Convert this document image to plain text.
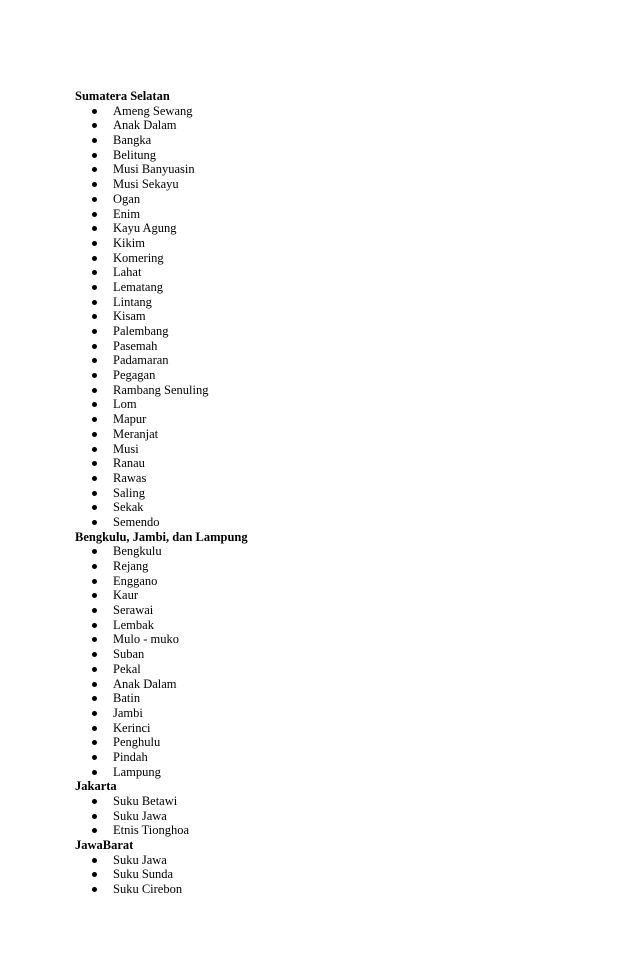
Sumatera Selatan
Ameng Sewang
Anak Dalam
Bangka
Belitung
Musi Banyuasin
Musi Sekayu
Ogan
Enim
Kayu Agung
Kikim
Komering
Lahat
Lematang
Lintang
Kisam
Palembang
Pasemah
Padamaran
Pegagan
Rambang Senuling
Lom
Mapur
Meranjat
Musi
Ranau
Rawas
Saling
Sekak
Semendo
Bengkulu, Jambi, dan Lampung
Bengkulu
Rejang
Enggano
Kaur
Serawai
Lembak
Mulo - muko
Suban
Pekal
Anak Dalam
Batin
Jambi
Kerinci
Penghulu
Pindah
Lampung
Jakarta
Suku Betawi
Suku Jawa
Etnis Tionghoa
JawaBarat
Suku Jawa
Suku Sunda
Suku Cirebon
